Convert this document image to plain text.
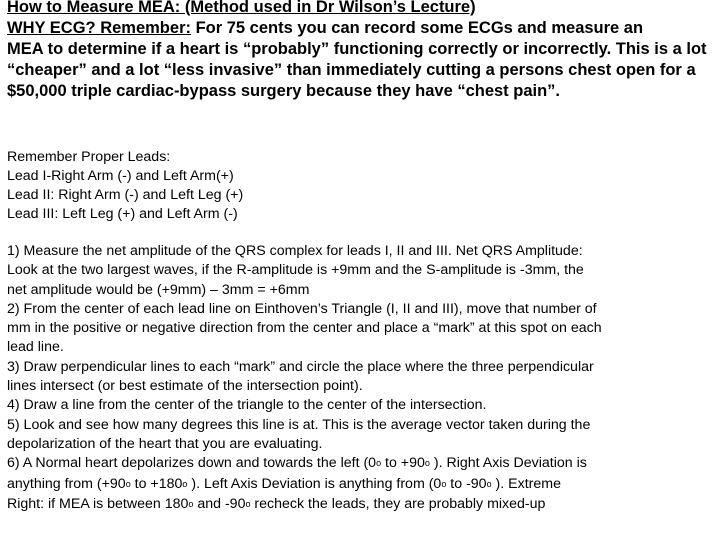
How to Measure MEA: (Method used in Dr Wilson’s Lecture)
WHY ECG? Remember: For 75 cents you can record some ECGs and measure an
MEA to determine if a heart is “probably” functioning correctly or incorrectly. This is a lot
“cheaper” and a lot “less invasive” than immediately cutting a persons chest open for a
$50,000 triple cardiac-bypass surgery because they have “chest pain”.
Remember Proper Leads:
Lead I-Right Arm (-) and Left Arm(+)
Lead II: Right Arm (-) and Left Leg (+)
Lead III: Left Leg (+) and Left Arm (-)
1) Measure the net amplitude of the QRS complex for leads I, II and III. Net QRS Amplitude:
Look at the two largest waves, if the R-amplitude is +9mm and the S-amplitude is -3mm, the
net amplitude would be (+9mm) – 3mm = +6mm
2) From the center of each lead line on Einthoven’s Triangle (I, II and III), move that number of
mm in the positive or negative direction from the center and place a “mark” at this spot on each
lead line.
3) Draw perpendicular lines to each “mark” and circle the place where the three perpendicular
lines intersect (or best estimate of the intersection point).
4) Draw a line from the center of the triangle to the center of the intersection.
5) Look and see how many degrees this line is at. This is the average vector taken during the
depolarization of the heart that you are evaluating.
6) A Normal heart depolarizes down and towards the left (0$^o$ to $+90^o$ ). Right Axis Deviation is
anything from ($+90^o$ to $+180^o$ ). Left Axis Deviation is anything from (0$^o$ to -90$^o$ ). Extreme
Right: if MEA is between 180$^o$ and -90$^o$ recheck the leads, they are probably mixed-up
